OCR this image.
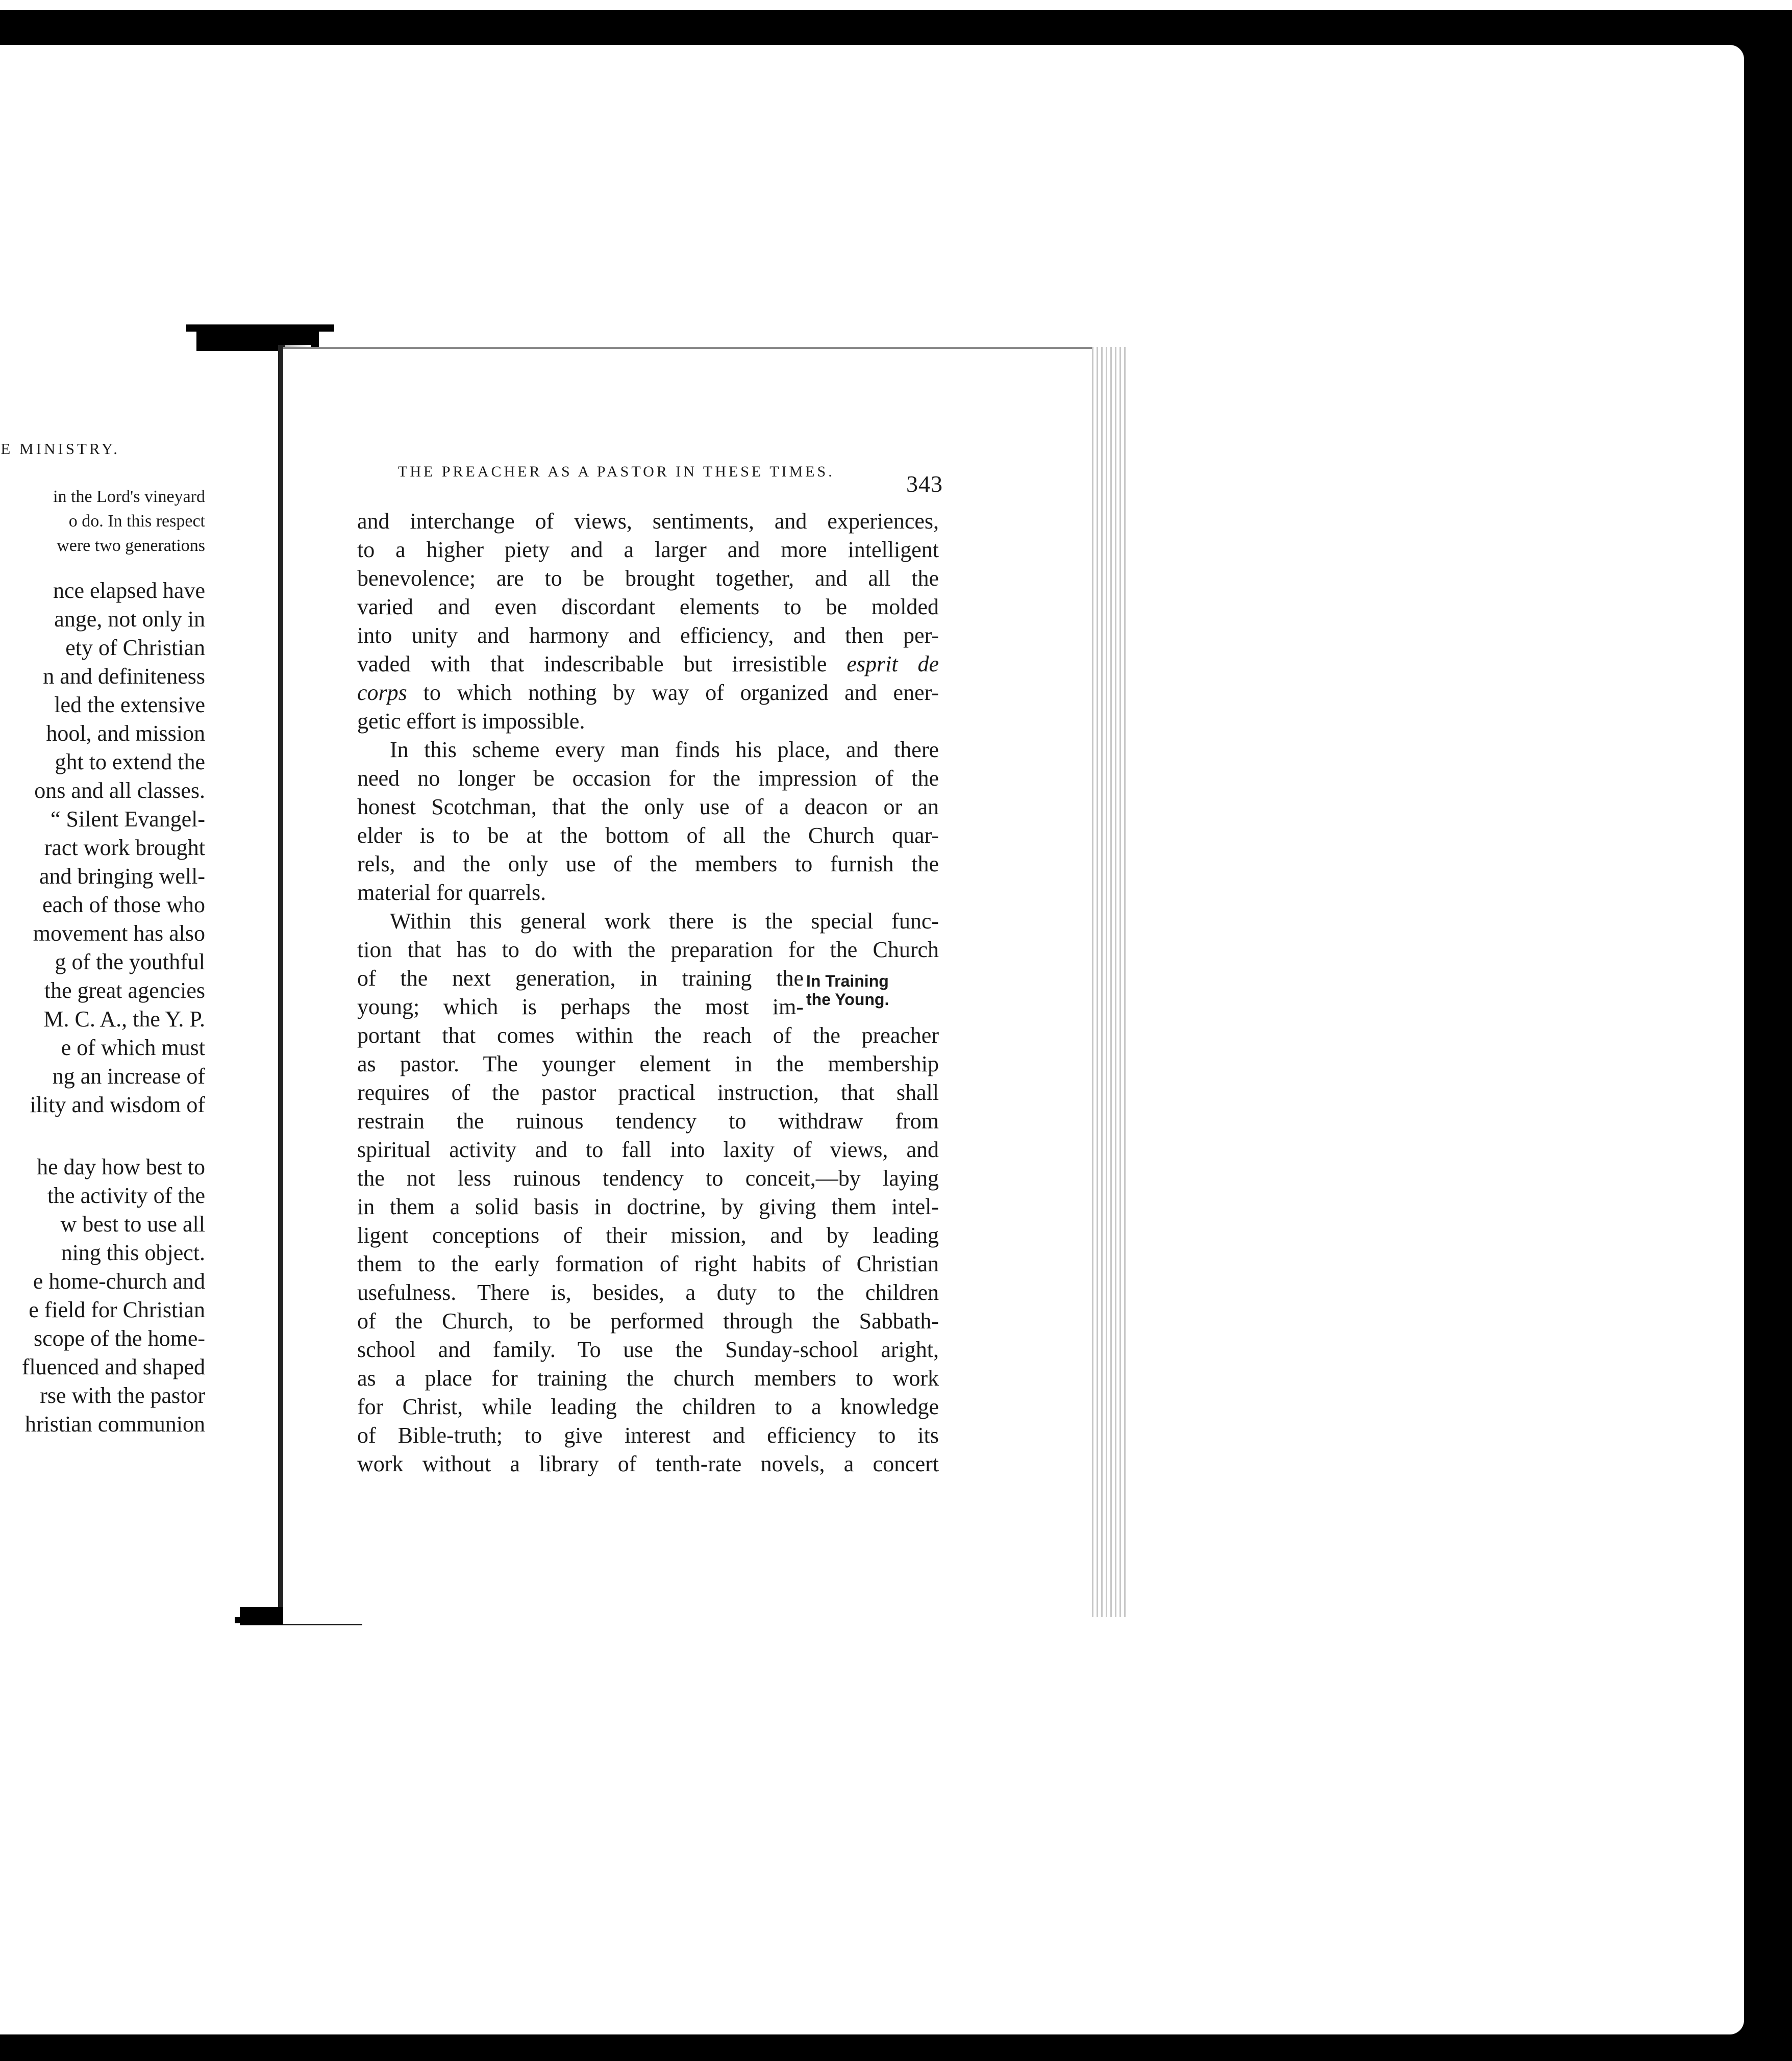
E MINISTRY.
in the Lord's vineyard
o do. In this respect
were two generations
nce elapsed have
ange, not only in
ety of Christian
n and definiteness
led the extensive
hool, and mission
ght to extend the
ons and all classes.
“ Silent Evangel-
ract work brought
and bringing well-
each of those who
movement has also
g of the youthful
the great agencies
M. C. A., the Y. P.
e of which must
ng an increase of
ility and wisdom of
he day how best to
the activity of the
w best to use all
ning this object.
e home-church and
e field for Christian
scope of the home-
fluenced and shaped
rse with the pastor
hristian communion
THE PREACHER AS A PASTOR IN THESE TIMES.	343
and interchange of views, sentiments, and experiences,
to a higher piety and a larger and more intelligent
benevolence; are to be brought together, and all the
varied and even discordant elements to be molded
into unity and harmony and efficiency, and then per-
vaded with that indescribable but irresistible esprit de
corps to which nothing by way of organized and ener-
getic effort is impossible.
In this scheme every man finds his place, and there
need no longer be occasion for the impression of the
honest Scotchman, that the only use of a deacon or an
elder is to be at the bottom of all the Church quar-
rels, and the only use of the members to furnish the
material for quarrels.
Within this general work there is the special func-
tion that has to do with the preparation for the Church
of the next generation, in training the
young; which is perhaps the most im-
In Training
the Young.
portant that comes within the reach of the preacher
as pastor. The younger element in the membership
requires of the pastor practical instruction, that shall
restrain the ruinous tendency to withdraw from
spiritual activity and to fall into laxity of views, and
the not less ruinous tendency to conceit,—by laying
in them a solid basis in doctrine, by giving them intel-
ligent conceptions of their mission, and by leading
them to the early formation of right habits of Christian
usefulness. There is, besides, a duty to the children
of the Church, to be performed through the Sabbath-
school and family. To use the Sunday-school aright,
as a place for training the church members to work
for Christ, while leading the children to a knowledge
of Bible-truth; to give interest and efficiency to its
work without a library of tenth-rate novels, a concert
